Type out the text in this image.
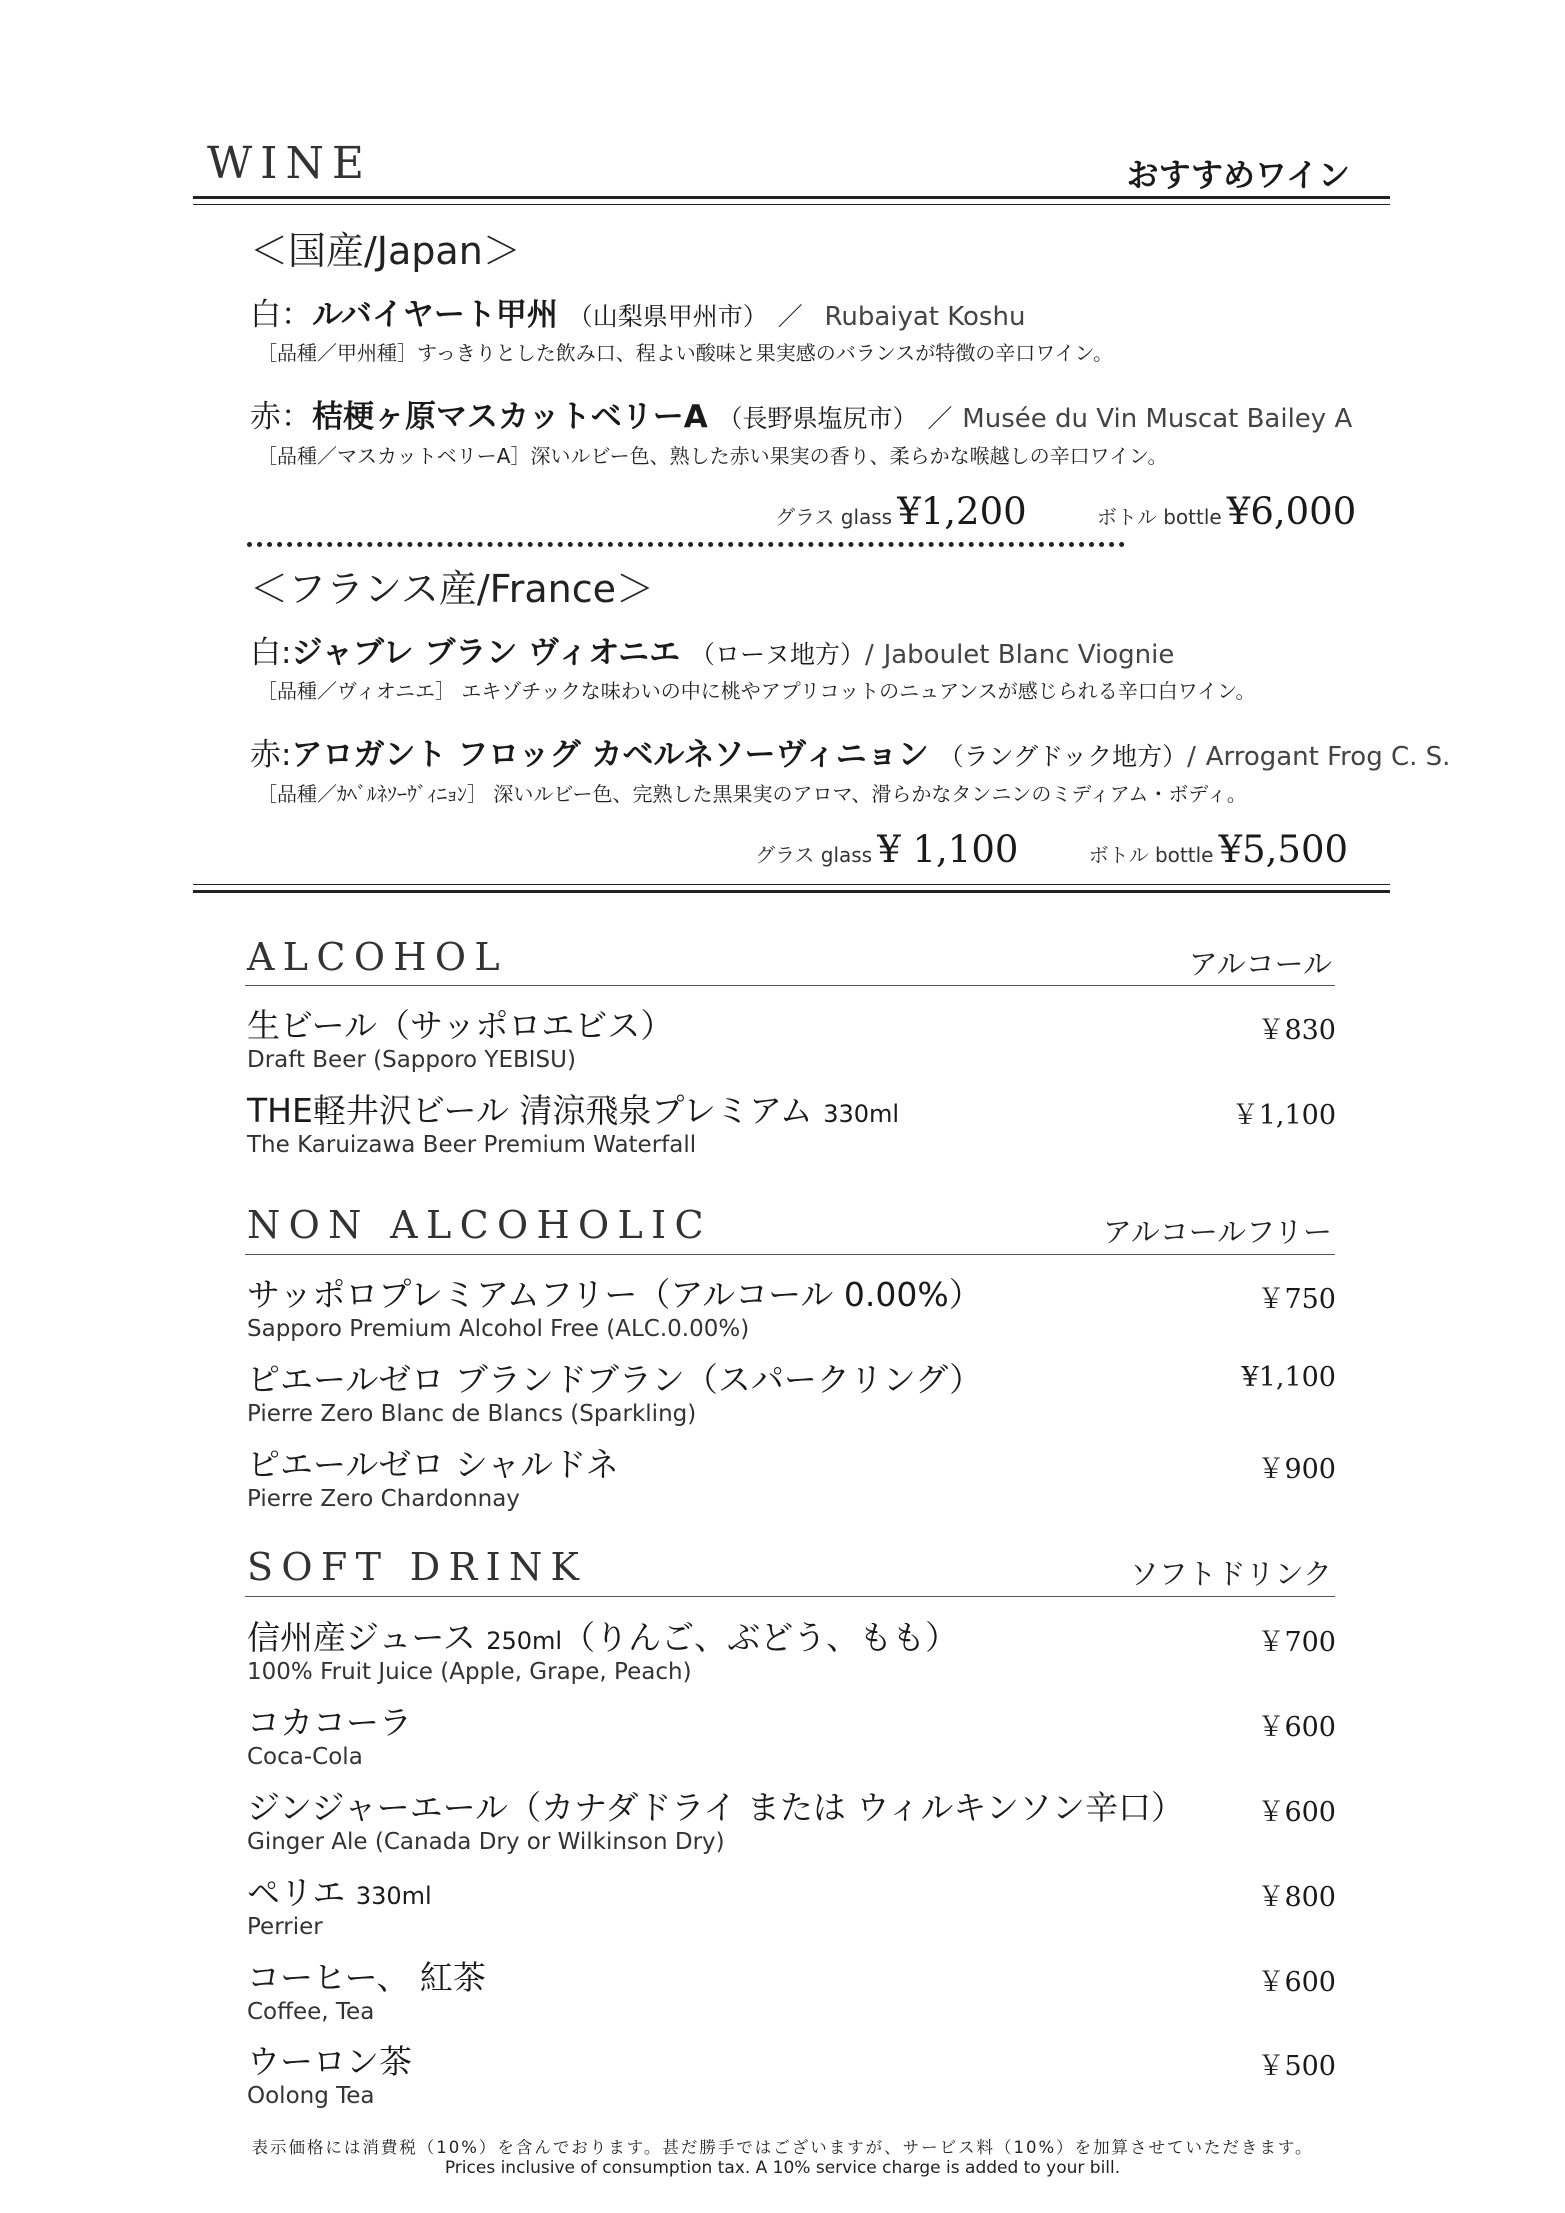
WINE	おすすめワイン
＜国産/Japan＞
白：ルバイヤート甲州 （山梨県甲州市） ／ Rubaiyat Koshu
［品種／甲州種］すっきりとした飲み口、程よい酸味と果実感のバランスが特徴の辛口ワイン。
赤：桔梗ヶ原マスカットベリーA （長野県塩尻市） ／ Musée du Vin Muscat Bailey A
［品種／マスカットベリーA］深いルビー色、熟した赤い果実の香り、柔らかな喉越しの辛口ワイン。
グラス glass ¥1,200	ボトル bottle ¥6,000
＜フランス産/France＞
白:ジャブレ ブラン ヴィオニエ （ローヌ地方）/ Jaboulet Blanc Viognie
［品種／ヴィオニエ］ エキゾチックな味わいの中に桃やアプリコットのニュアンスが感じられる辛口白ワイン。
赤:アロガント フロッグ カベルネソーヴィニョン （ラングドック地方）/ Arrogant Frog C. S.
［品種／ｶﾍﾞﾙﾈｿｰｳﾞｨﾆｮﾝ］ 深いルビー色、完熟した黒果実のアロマ、滑らかなタンニンのミディアム・ボディ。
グラス glass ¥ 1,100	ボトル bottle ¥5,500
ALCOHOL	アルコール
生ビール（サッポロエビス）
Draft Beer (Sapporo YEBISU)
￥830
THE軽井沢ビール 清涼飛泉プレミアム 330ml
The Karuizawa Beer Premium Waterfall
￥1,100
NON ALCOHOLIC	アルコールフリー
サッポロプレミアムフリー（アルコール 0.00%）
Sapporo Premium Alcohol Free (ALC.0.00%)
￥750
ピエールゼロ ブランドブラン（スパークリング）
Pierre Zero Blanc de Blancs (Sparkling)
¥1,100
ピエールゼロ シャルドネ
Pierre Zero Chardonnay
￥900
SOFT DRINK	ソフトドリンク
信州産ジュース 250ml（りんご、ぶどう、もも）
100% Fruit Juice (Apple, Grape, Peach)
￥700
コカコーラ
Coca-Cola
￥600
ジンジャーエール（カナダドライ または ウィルキンソン辛口）
Ginger Ale (Canada Dry or Wilkinson Dry)
￥600
ペリエ 330ml
Perrier
￥800
コーヒー、 紅茶
Coffee, Tea
￥600
ウーロン茶
Oolong Tea
￥500
表示価格には消費税（10%）を含んでおります。甚だ勝手ではございますが、サービス料（10%）を加算させていただきます。
Prices inclusive of consumption tax. A 10% service charge is added to your bill.
